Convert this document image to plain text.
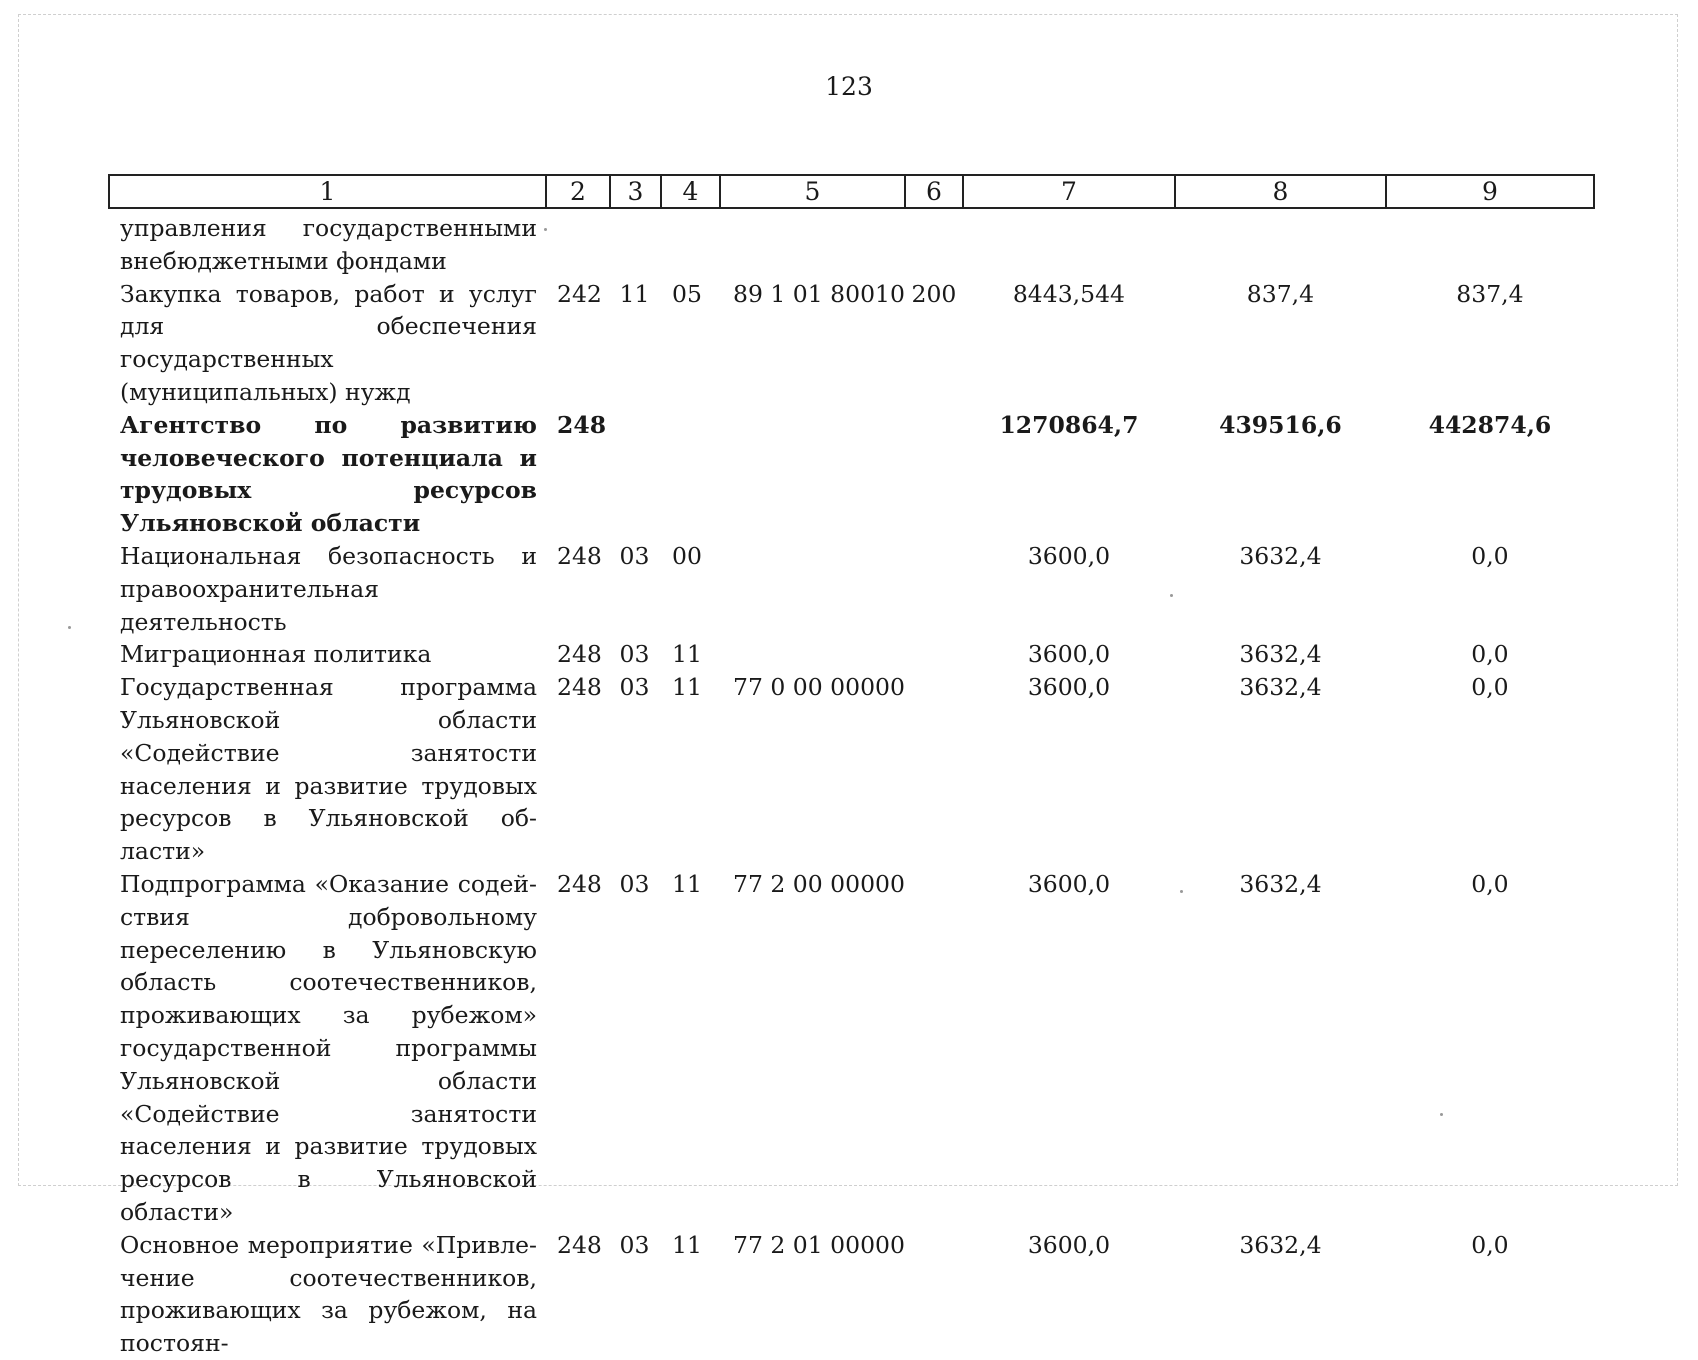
123
1	2	3	4	5	6	7	8	9
управления государственными внебюджетными фондами								
Закупка товаров, работ и услуг для обеспечения государственных (муниципальных) нужд	242	11	05	89 1 01 80010	200	8443,544	837,4	837,4
Агентство по развитию человеческого потенциала и трудовых ресурсов Ульяновской области	248					1270864,7	439516,6	442874,6
Национальная безопасность и правоохранительная деятельность	248	03	00			3600,0	3632,4	0,0
Миграционная политика	248	03	11			3600,0	3632,4	0,0
Государственная программа Ульяновской области «Содействие занятости населения и развитие трудовых ресурсов в Ульяновской области»	248	03	11	77 0 00 00000		3600,0	3632,4	0,0
Подпрограмма «Оказание содействия добровольному переселению в Ульяновскую область соотечественников, проживающих за рубежом» государственной программы Ульяновской области «Содействие занятости населения и развитие трудовых ресурсов в Ульяновской области»	248	03	11	77 2 00 00000		3600,0	3632,4	0,0
Основное мероприятие «Привлечение соотечественников, проживающих за рубежом, на постоян-	248	03	11	77 2 01 00000		3600,0	3632,4	0,0
